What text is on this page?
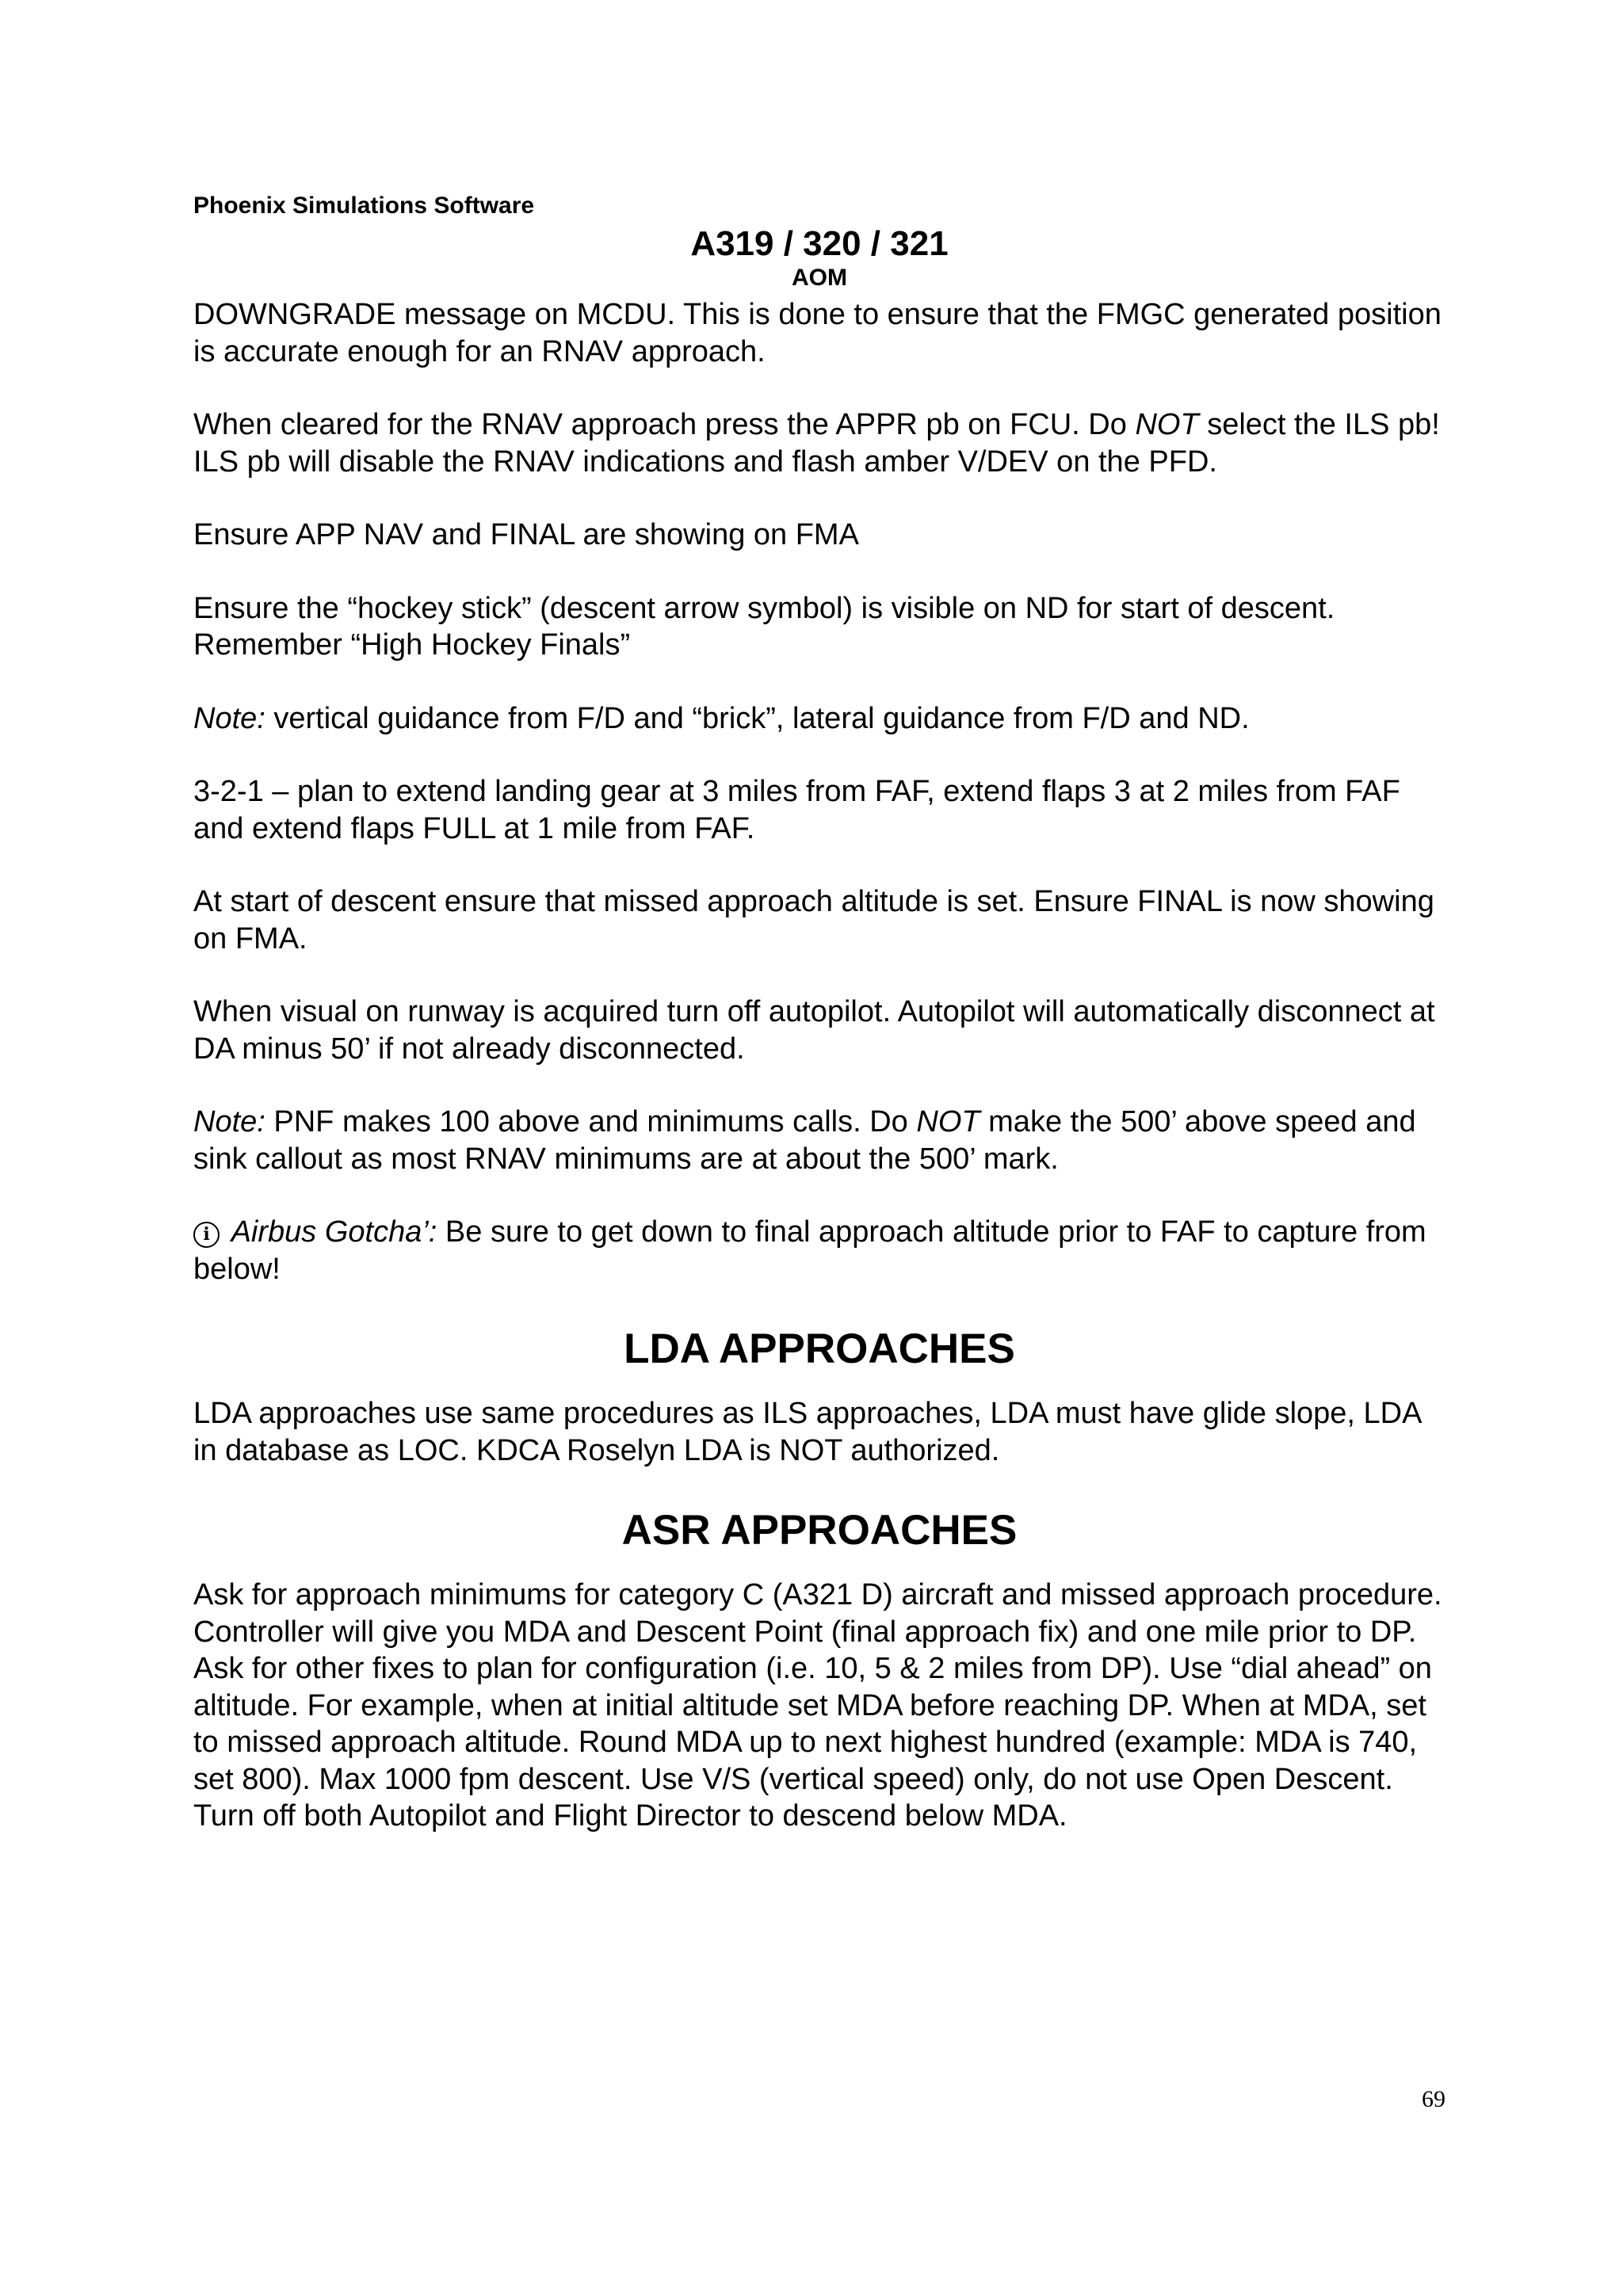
Phoenix Simulations Software
A319 / 320 / 321
AOM

DOWNGRADE message on MCDU. This is done to ensure that the FMGC generated position is accurate enough for an RNAV approach.

When cleared for the RNAV approach press the APPR pb on FCU. Do NOT select the ILS pb! ILS pb will disable the RNAV indications and flash amber V/DEV on the PFD.

Ensure APP NAV and FINAL are showing on FMA

Ensure the “hockey stick” (descent arrow symbol) is visible on ND for start of descent.
Remember “High Hockey Finals”

Note: vertical guidance from F/D and “brick”, lateral guidance from F/D and ND.

3-2-1 – plan to extend landing gear at 3 miles from FAF, extend flaps 3 at 2 miles from FAF and extend flaps FULL at 1 mile from FAF.

At start of descent ensure that missed approach altitude is set. Ensure FINAL is now showing on FMA.

When visual on runway is acquired turn off autopilot. Autopilot will automatically disconnect at DA minus 50’ if not already disconnected.

Note: PNF makes 100 above and minimums calls. Do NOT make the 500’ above speed and sink callout as most RNAV minimums are at about the 500’ mark.

i Airbus Gotcha’: Be sure to get down to final approach altitude prior to FAF to capture from below!

LDA APPROACHES

LDA approaches use same procedures as ILS approaches, LDA must have glide slope, LDA in database as LOC. KDCA Roselyn LDA is NOT authorized.

ASR APPROACHES

Ask for approach minimums for category C (A321 D) aircraft and missed approach procedure. Controller will give you MDA and Descent Point (final approach fix) and one mile prior to DP. Ask for other fixes to plan for configuration (i.e. 10, 5 & 2 miles from DP). Use “dial ahead” on altitude. For example, when at initial altitude set MDA before reaching DP. When at MDA, set to missed approach altitude. Round MDA up to next highest hundred (example: MDA is 740, set 800). Max 1000 fpm descent. Use V/S (vertical speed) only, do not use Open Descent. Turn off both Autopilot and Flight Director to descend below MDA.

69
